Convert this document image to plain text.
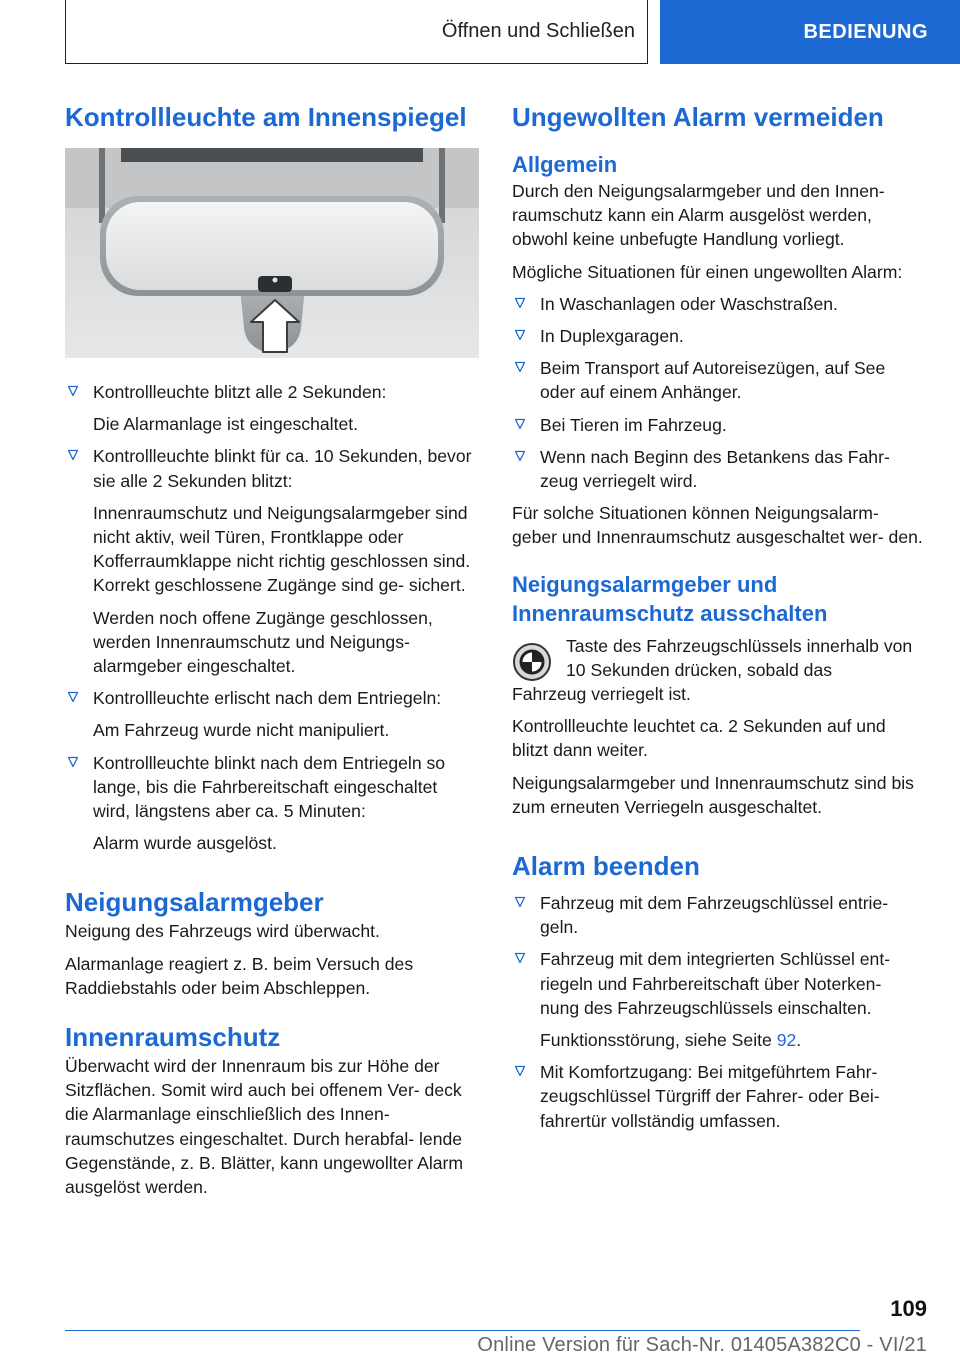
Öffnen und Schließen	BEDIENUNG
Kontrollleuchte am Innenspiegel
Kontrollleuchte blitzt alle 2 Sekunden:
Die Alarmanlage ist eingeschaltet.
Kontrollleuchte blinkt für ca. 10 Sekunden, bevor sie alle 2 Sekunden blitzt:
Innenraumschutz und Neigungsalarmgeber sind nicht aktiv, weil Türen, Frontklappe oder Kofferraumklappe nicht richtig geschlossen sind. Korrekt geschlossene Zugänge sind ge‐ sichert.
Werden noch offene Zugänge geschlossen, werden Innenraumschutz und Neigungs‐ alarmgeber eingeschaltet.
Kontrollleuchte erlischt nach dem Entriegeln:
Am Fahrzeug wurde nicht manipuliert.
Kontrollleuchte blinkt nach dem Entriegeln so lange, bis die Fahrbereitschaft eingeschaltet wird, längstens aber ca. 5 Minuten:
Alarm wurde ausgelöst.
Neigungsalarmgeber

Neigung des Fahrzeugs wird überwacht.

Alarmanlage reagiert z. B. beim Versuch des Raddiebstahls oder beim Abschleppen.

Innenraumschutz

Überwacht wird der Innenraum bis zur Höhe der Sitzflächen. Somit wird auch bei offenem Ver‐ deck die Alarmanlage einschließlich des Innen‐ raumschutzes eingeschaltet. Durch herabfal‐ lende Gegenstände, z. B. Blätter, kann ungewollter Alarm ausgelöst werden.

Ungewollten Alarm vermeiden
Allgemein

Durch den Neigungsalarmgeber und den Innen‐ raumschutz kann ein Alarm ausgelöst werden, obwohl keine unbefugte Handlung vorliegt.

Mögliche Situationen für einen ungewollten Alarm:

In Waschanlagen oder Waschstraßen.
In Duplexgaragen.
Beim Transport auf Autoreisezügen, auf See oder auf einem Anhänger.
Bei Tieren im Fahrzeug.
Wenn nach Beginn des Betankens das Fahr‐ zeug verriegelt wird.

Für solche Situationen können Neigungsalarm‐ geber und Innenraumschutz ausgeschaltet wer‐ den.

Neigungsalarmgeber und Innenraumschutz ausschalten

Taste des Fahrzeugschlüssels innerhalb von 10 Sekunden drücken, sobald das

Fahrzeug verriegelt ist.

Kontrollleuchte leuchtet ca. 2 Sekunden auf und blitzt dann weiter.

Neigungsalarmgeber und Innenraumschutz sind bis zum erneuten Verriegeln ausgeschaltet.

Alarm beenden
Fahrzeug mit dem Fahrzeugschlüssel entrie‐ geln.
Fahrzeug mit dem integrierten Schlüssel ent‐ riegeln und Fahrbereitschaft über Noterken‐ nung des Fahrzeugschlüssels einschalten.
Funktionsstörung, siehe Seite 92.
Mit Komfortzugang: Bei mitgeführtem Fahr‐ zeugschlüssel Türgriff der Fahrer- oder Bei‐ fahrertür vollständig umfassen.
109
Online Version für Sach-Nr. 01405A382C0 - VI/21
